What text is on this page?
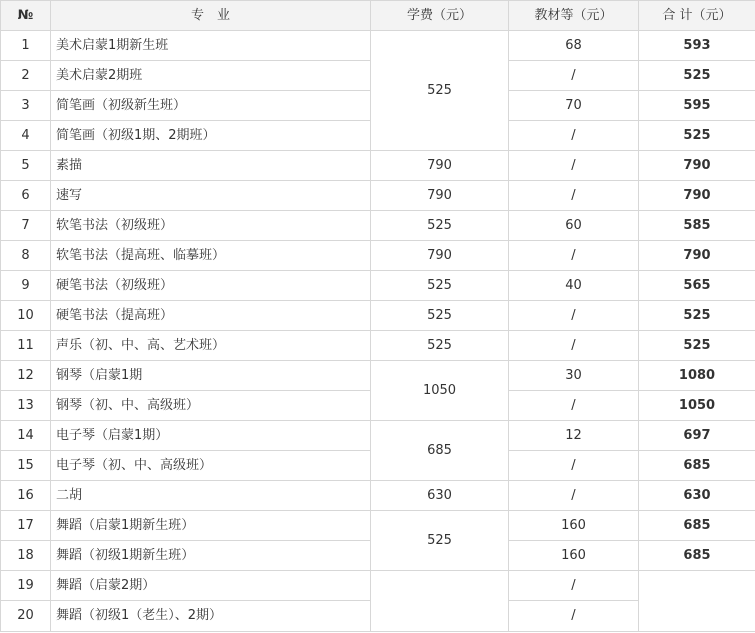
№	专　业	学费（元）	教材等（元）	合 计（元）
1	美术启蒙1期新生班	525	68	593
2	美术启蒙2期班		/	525
3	简笔画（初级新生班）		70	595
4	简笔画（初级1期、2期班）		/	525
5	素描	790	/	790
6	速写	790	/	790
7	软笔书法（初级班）	525	60	585
8	软笔书法（提高班、临摹班）	790	/	790
9	硬笔书法（初级班）	525	40	565
10	硬笔书法（提高班）	525	/	525
11	声乐（初、中、高、艺术班）	525	/	525
12	钢琴（启蒙1期	1050	30	1080
13	钢琴（初、中、高级班）		/	1050
14	电子琴（启蒙1期）	685	12	697
15	电子琴（初、中、高级班）		/	685
16	二胡	630	/	630
17	舞蹈（启蒙1期新生班）	525	160	685
18	舞蹈（初级1期新生班）		160	685
19	舞蹈（启蒙2期）		/	
20	舞蹈（初级1（老生）、2期）		/	
